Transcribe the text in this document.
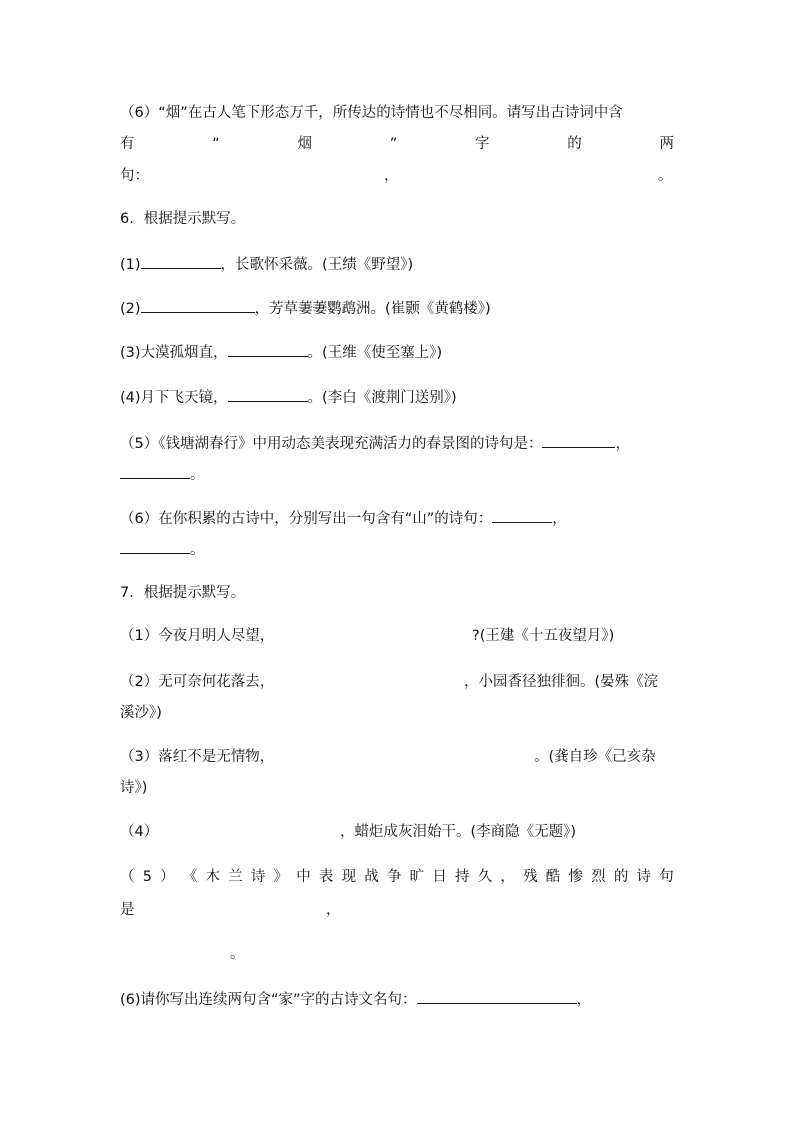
（6）“烟”在古人笔下形态万千，所传达的诗情也不尽相同。请写出古诗词中含
有	“	烟	”	字	的	两
句：	，	。
6．根据提示默写。
(1)	，长歌怀采薇。(王绩《野望》)
(2)	，芳草萋萋鹦鹉洲。(崔颢《黄鹤楼》)
(3)大漠孤烟直，	。(王维《使至塞上》)
(4)月下飞天镜，	。(李白《渡荆门送别》)
（5）《钱塘湖春行》中用动态美表现充满活力的春景图的诗句是：	，
。
（6）在你积累的古诗中，分别写出一句含有“山”的诗句：	，
。
7．根据提示默写。
（1）今夜月明人尽望，	?(王建《十五夜望月》)
（2）无可奈何花落去，	，小园香径独徘徊。(晏殊《浣
溪沙》)
（3）落红不是无情物，	。(龚自珍《己亥杂
诗》)
（4）	，蜡炬成灰泪始干。(李商隐《无题》)
（ 5 ） 《 木 兰 诗 》 中 表 现 战 争 旷 日 持 久 ， 残 酷 惨 烈 的 诗 句
是	，
。
(6)请你写出连续两句含“家”字的古诗文名句：	，
